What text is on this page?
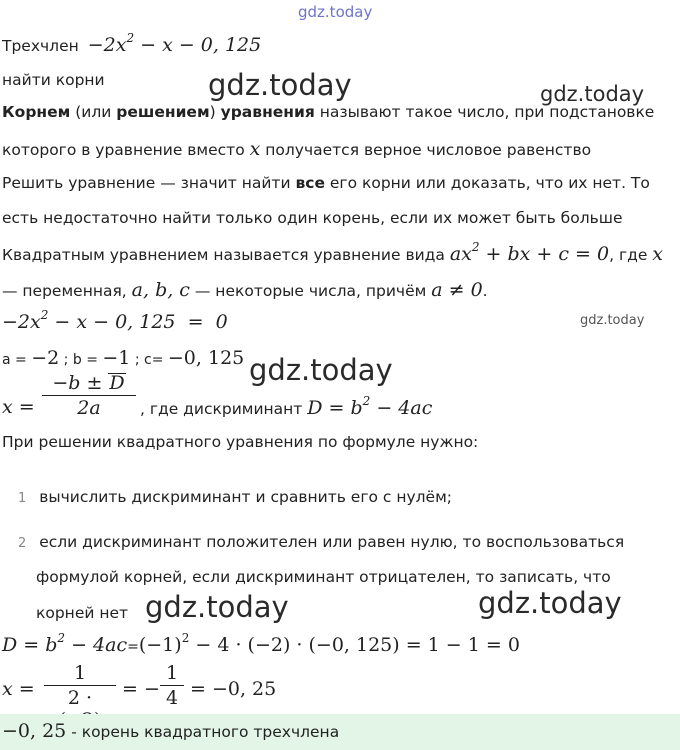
gdz.today
gdz.today	gdz.today
gdz.today
gdz.today
gdz.today	gdz.today
Трехчлен $-2x^2 - x - 0$, 125
найти корни
Корнем (или решением) уравнения называют такое число, при подстановке
которого в уравнение вместо x получается верное числовое равенство
Решить уравнение — значит найти все его корни или доказать, что их нет. То
есть недостаточно найти только один корень, если их может быть больше
Квадратным уравнением называется уравнение вида $ax^2$ + bx + c = 0, где x
— переменная, a, b, c — некоторые числа, причём a ≠ 0.
$-2x^2 - x - 0$, 125  =  0
a = −2 ; b = −1 ; c= −0, 125
x =
−b ± D
2a	, где дискриминант $D = b^2 - 4ac$
При решении квадратного уравнения по формуле нужно:
1 вычислить дискриминант и сравнить его с нулём;
2 если дискриминант положителен или равен нулю, то воспользоваться
формулой корней, если дискриминант отрицателен, то записать, что
корней нет
$D = b^2 - 4ac=(-1)^2 - 4 \cdot (-2) \cdot (-0$, 125) = 1 − 1 = 0
x =
1
2 ·	= −
1
4 = −0, 25
−0, 25 - корень квадратного трехчлена
